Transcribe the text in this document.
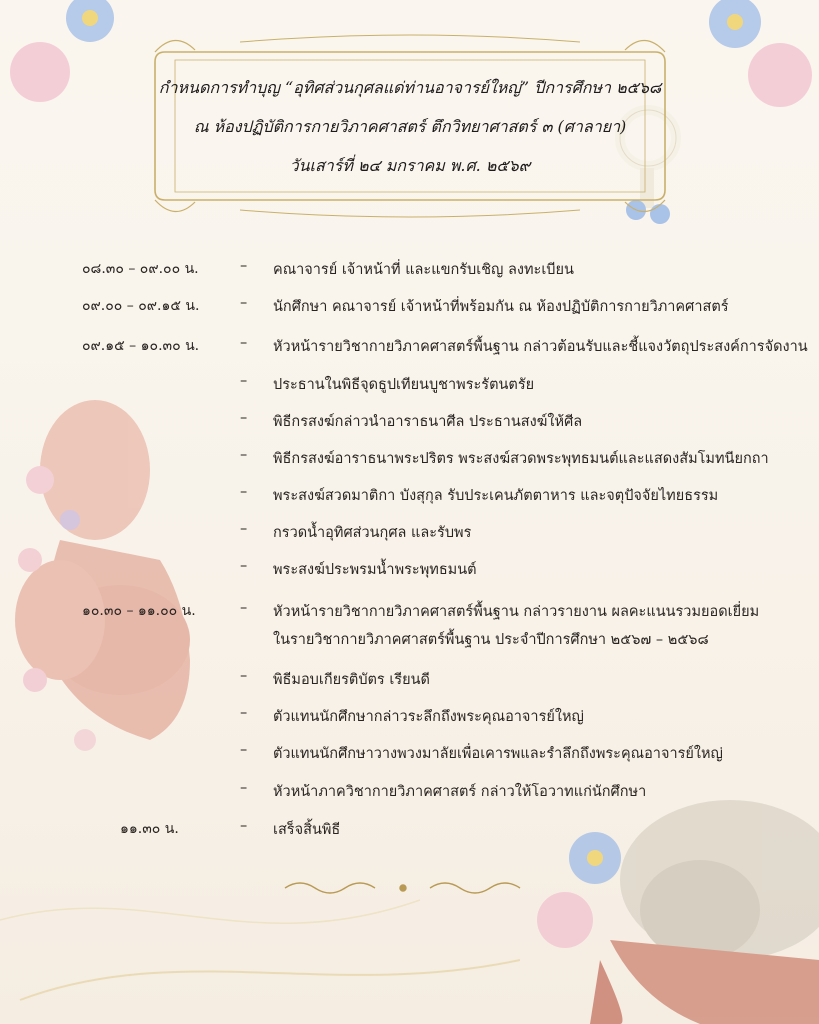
กำหนดการทำบุญ “อุทิศส่วนกุศลแด่ท่านอาจารย์ใหญ่” ปีการศึกษา ๒๕๖๘
ณ ห้องปฏิบัติการกายวิภาคศาสตร์ ตึกวิทยาศาสตร์ ๓ (ศาลายา)
วันเสาร์ที่ ๒๔ มกราคม พ.ศ. ๒๕๖๙
๐๘.๓๐ – ๐๙.๐๐ น.	– คณาจารย์ เจ้าหน้าที่ และแขกรับเชิญ ลงทะเบียน
๐๙.๐๐ – ๐๙.๑๕ น.	– นักศึกษา คณาจารย์ เจ้าหน้าที่พร้อมกัน ณ ห้องปฏิบัติการกายวิภาคศาสตร์
๐๙.๑๕ – ๑๐.๓๐ น.	– หัวหน้ารายวิชากายวิภาคศาสตร์พื้นฐาน กล่าวต้อนรับและชี้แจงวัตถุประสงค์การจัดงาน
– ประธานในพิธีจุดธูปเทียนบูชาพระรัตนตรัย
– พิธีกรสงฆ์กล่าวนำอาราธนาศีล ประธานสงฆ์ให้ศีล
– พิธีกรสงฆ์อาราธนาพระปริตร พระสงฆ์สวดพระพุทธมนต์และแสดงสัมโมทนียกถา
– พระสงฆ์สวดมาติกา บังสุกุล รับประเคนภัตตาหาร และจตุปัจจัยไทยธรรม
– กรวดน้ำอุทิศส่วนกุศล และรับพร
– พระสงฆ์ประพรมน้ำพระพุทธมนต์
๑๐.๓๐ – ๑๑.๐๐ น.	– หัวหน้ารายวิชากายวิภาคศาสตร์พื้นฐาน กล่าวรายงาน ผลคะแนนรวมยอดเยี่ยม
ในรายวิชากายวิภาคศาสตร์พื้นฐาน ประจำปีการศึกษา ๒๕๖๗ – ๒๕๖๘
– พิธีมอบเกียรติบัตร เรียนดี
– ตัวแทนนักศึกษากล่าวระลึกถึงพระคุณอาจารย์ใหญ่
– ตัวแทนนักศึกษาวางพวงมาลัยเพื่อเคารพและรำลึกถึงพระคุณอาจารย์ใหญ่
– หัวหน้าภาควิชากายวิภาคศาสตร์ กล่าวให้โอวาทแก่นักศึกษา
๑๑.๓๐ น.	– เสร็จสิ้นพิธี
